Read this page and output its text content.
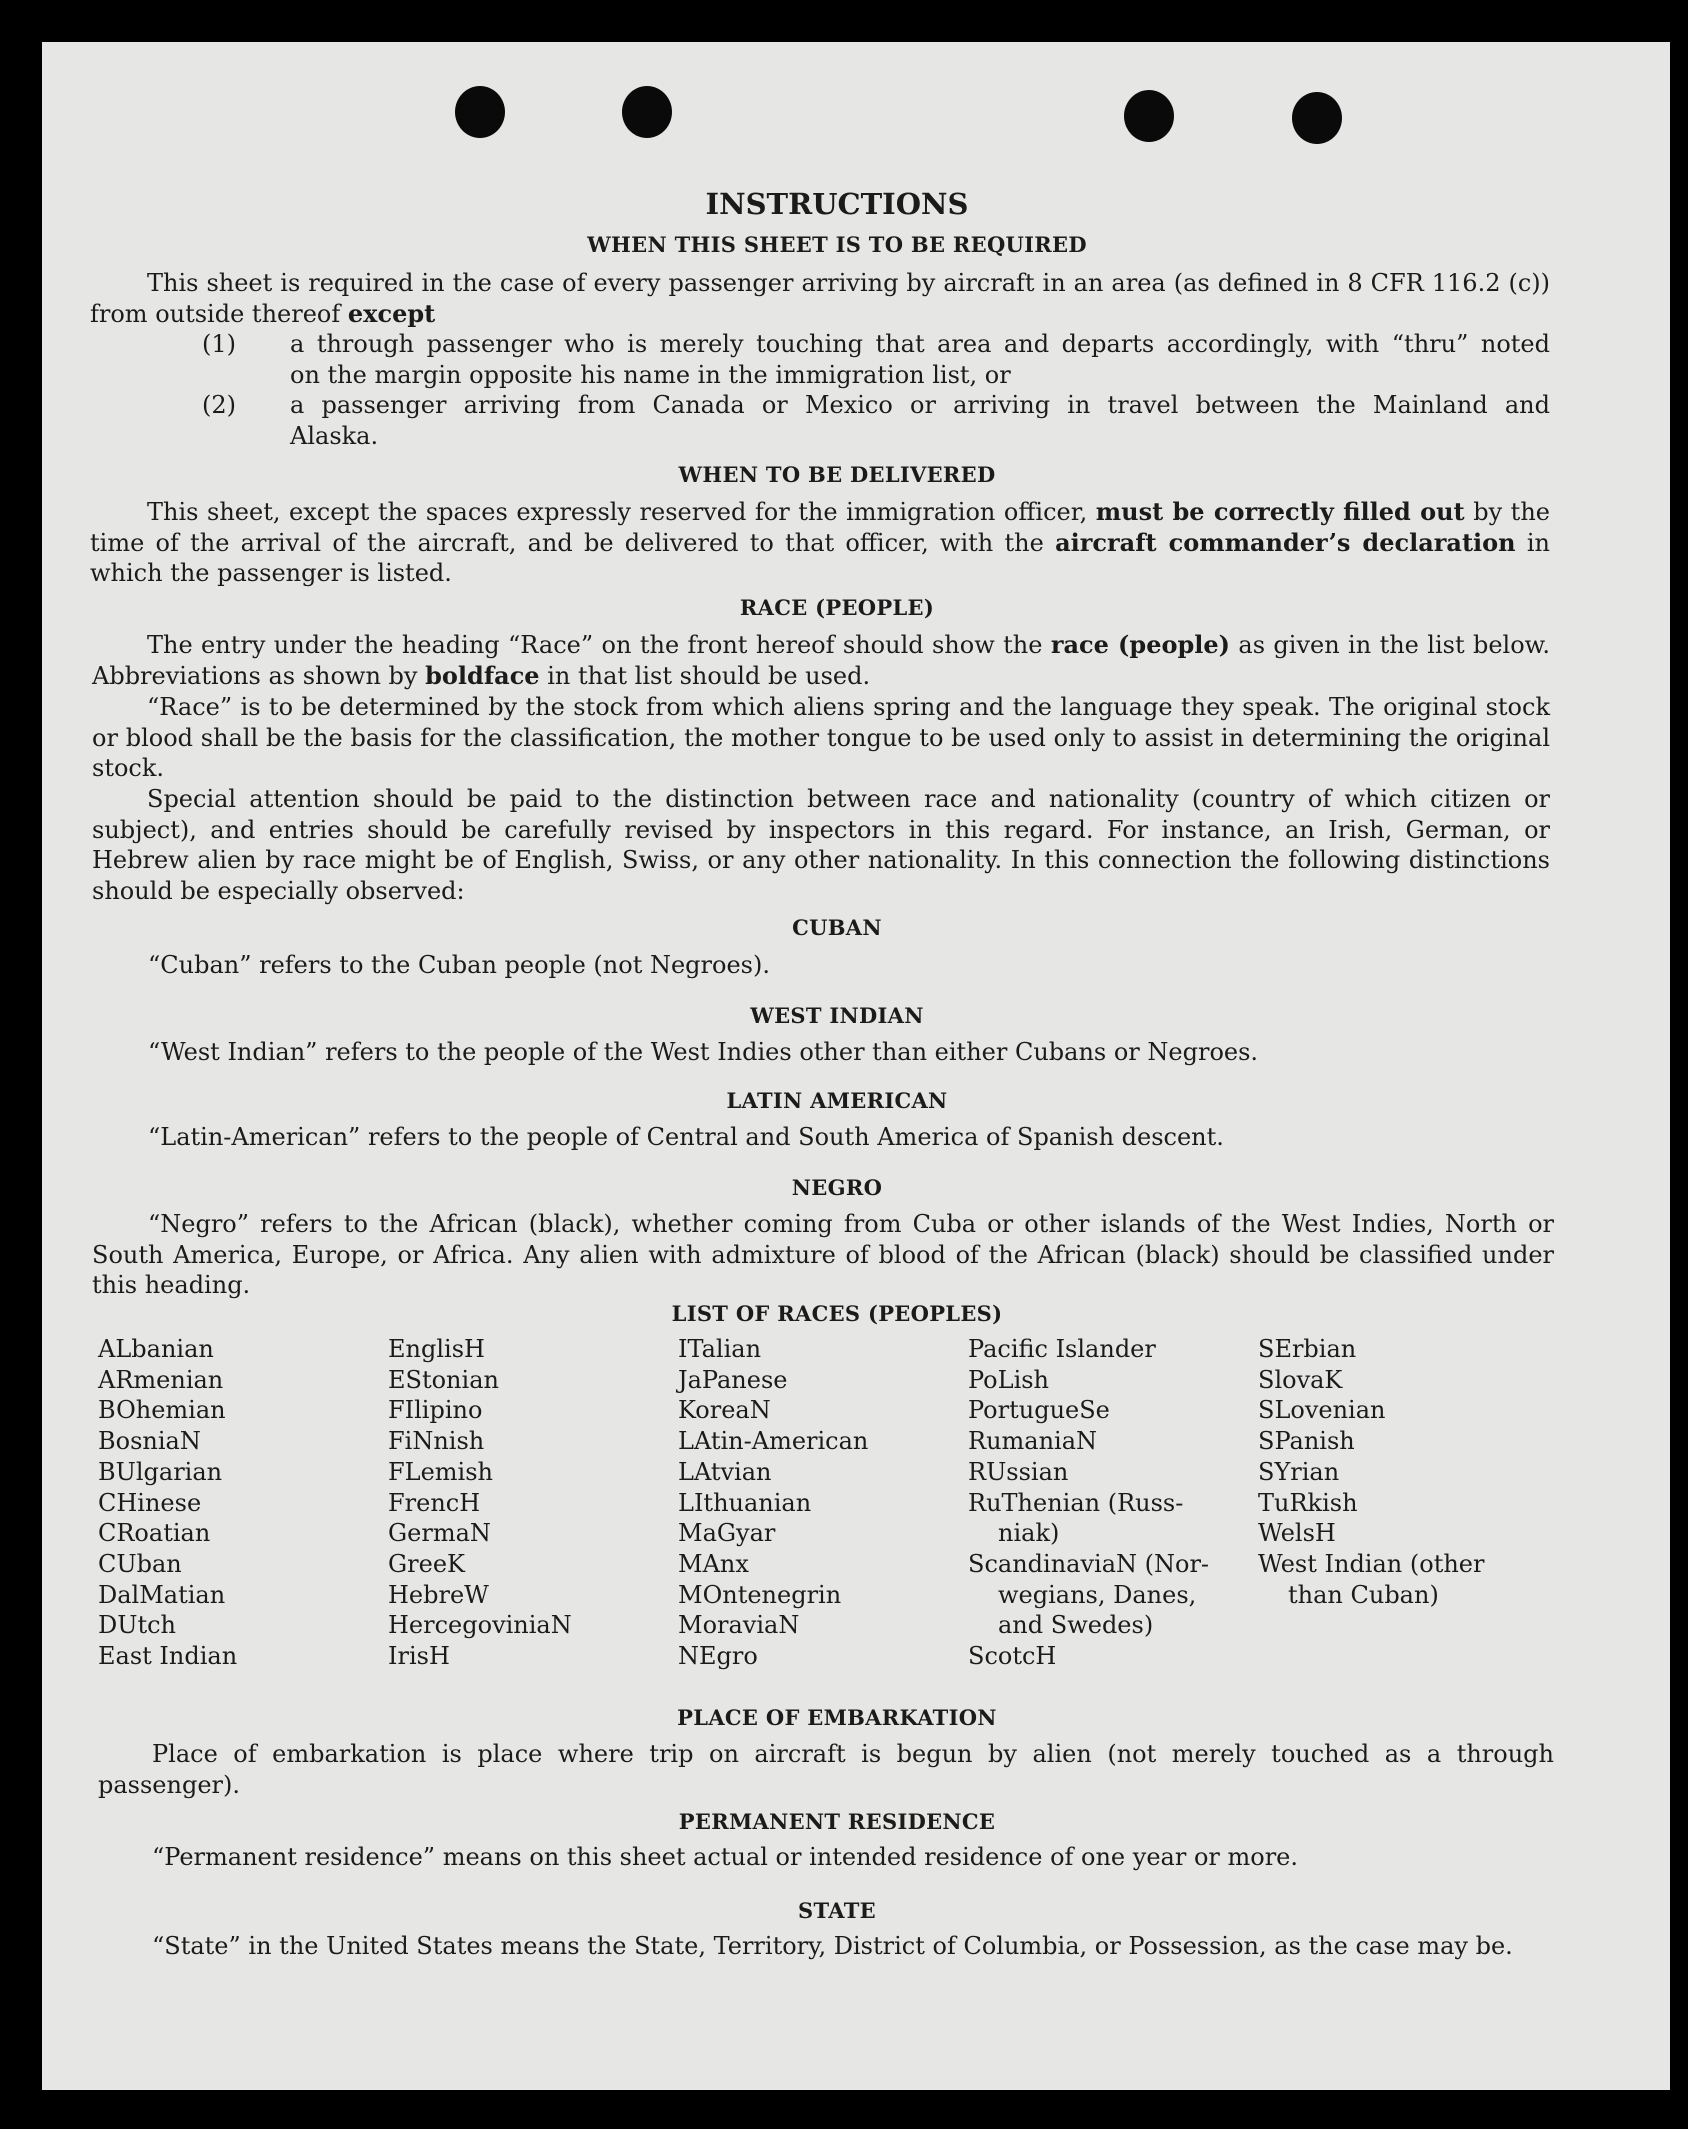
INSTRUCTIONS
WHEN THIS SHEET IS TO BE REQUIRED
This sheet is required in the case of every passenger arriving by aircraft in an area (as defined in 8 CFR 116.2 (c)) from outside thereof except
(1) a through passenger who is merely touching that area and departs accordingly, with “thru” noted
on the margin opposite his name in the immigration list, or
(2) a passenger arriving from Canada or Mexico or arriving in travel between the Mainland and
Alaska.
WHEN TO BE DELIVERED
This sheet, except the spaces expressly reserved for the immigration officer, must be correctly filled out by the time of the arrival of the aircraft, and be delivered to that officer, with the aircraft commander’s declaration in which the passenger is listed.
RACE (PEOPLE)
The entry under the heading “Race” on the front hereof should show the race (people) as given in the list below. Abbreviations as shown by boldface in that list should be used.
“Race” is to be determined by the stock from which aliens spring and the language they speak. The original stock or blood shall be the basis for the classification, the mother tongue to be used only to assist in determining the original stock.
Special attention should be paid to the distinction between race and nationality (country of which citizen or subject), and entries should be carefully revised by inspectors in this regard. For instance, an Irish, German, or Hebrew alien by race might be of English, Swiss, or any other nationality. In this connection the following distinctions should be especially observed:
CUBAN
“Cuban” refers to the Cuban people (not Negroes).
WEST INDIAN
“West Indian” refers to the people of the West Indies other than either Cubans or Negroes.
LATIN AMERICAN
“Latin-American” refers to the people of Central and South America of Spanish descent.
NEGRO
“Negro” refers to the African (black), whether coming from Cuba or other islands of the West Indies, North or South America, Europe, or Africa. Any alien with admixture of blood of the African (black) should be classified under this heading.
LIST OF RACES (PEOPLES)
ALbanian
ARmenian
BOhemian
BosniaN
BUlgarian
CHinese
CRoatian
CUban
DalMatian
DUtch
East Indian
EnglisH
EStonian
FIlipino
FiNnish
FLemish
FrencH
GermaN
GreeK
HebreW
HercegoviniaN
IrisH
ITalian
JaPanese
KoreaN
LAtin-American
LAtvian
LIthuanian
MaGyar
MAnx
MOntenegrin
MoraviaN
NEgro
Pacific Islander
PoLish
PortugueSe
RumaniaN
RUssian
RuThenian (Russ-
niak)
ScandinaviaN (Nor-
wegians, Danes,
and Swedes)
ScotcH
SErbian
SlovaK
SLovenian
SPanish
SYrian
TuRkish
WelsH
West Indian (other
than Cuban)
PLACE OF EMBARKATION
Place of embarkation is place where trip on aircraft is begun by alien (not merely touched as a through passenger).
PERMANENT RESIDENCE
“Permanent residence” means on this sheet actual or intended residence of one year or more.
STATE
“State” in the United States means the State, Territory, District of Columbia, or Possession, as the case may be.
